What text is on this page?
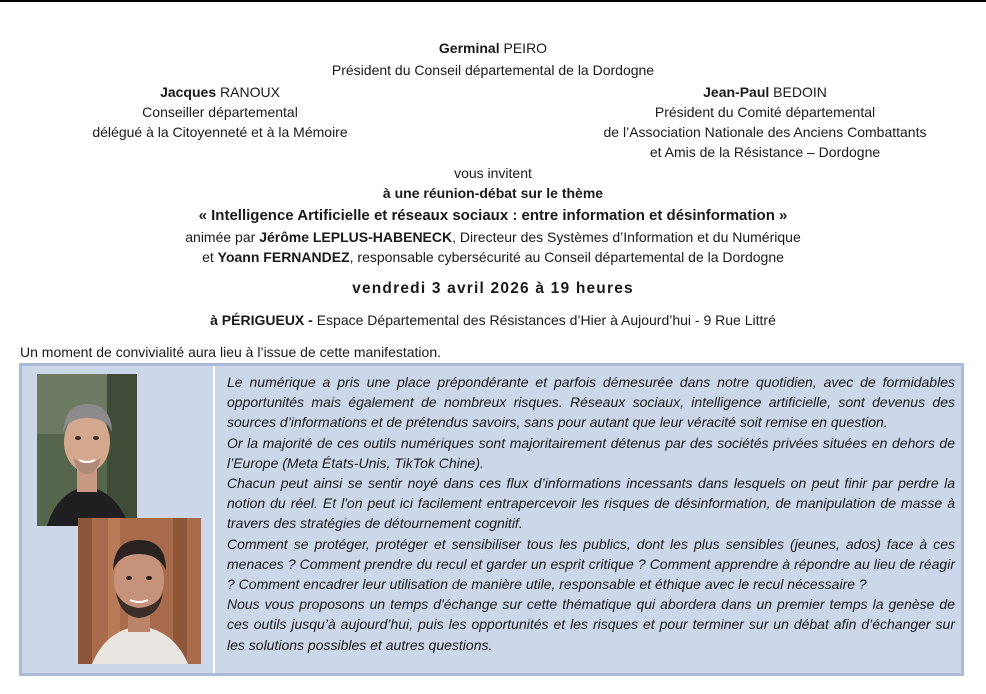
Germinal PEIRO
Président du Conseil départemental de la Dordogne
Jacques RANOUX
Conseiller départemental
délégué à la Citoyenneté et à la Mémoire
Jean-Paul BEDOIN
Président du Comité départemental
de l’Association Nationale des Anciens Combattants
et Amis de la Résistance – Dordogne
vous invitent
à une réunion-débat sur le thème
« Intelligence Artificielle et réseaux sociaux : entre information et désinformation »
animée par Jérôme LEPLUS-HABENECK, Directeur des Systèmes d’Information et du Numérique
et Yoann FERNANDEZ, responsable cybersécurité au Conseil départemental de la Dordogne
vendredi 3 avril 2026 à 19 heures
à PÉRIGUEUX - Espace Départemental des Résistances d’Hier à Aujourd’hui - 9 Rue Littré
Un moment de convivialité aura lieu à l’issue de cette manifestation.

Le numérique a pris une place prépondérante et parfois démesurée dans notre quotidien, avec de formidables opportunités mais également de nombreux risques. Réseaux sociaux, intelligence artificielle, sont devenus des sources d’informations et de prétendus savoirs, sans pour autant que leur véracité soit remise en question.

Or la majorité de ces outils numériques sont majoritairement détenus par des sociétés privées situées en dehors de l’Europe (Meta États-Unis, TikTok Chine).

Chacun peut ainsi se sentir noyé dans ces flux d’informations incessants dans lesquels on peut finir par perdre la notion du réel. Et l'on peut ici facilement entrapercevoir les risques de désinformation, de manipulation de masse à travers des stratégies de détournement cognitif.

Comment se protéger, protéger et sensibiliser tous les publics, dont les plus sensibles (jeunes, ados) face à ces menaces ? Comment prendre du recul et garder un esprit critique ? Comment apprendre à répondre au lieu de réagir ? Comment encadrer leur utilisation de manière utile, responsable et éthique avec le recul nécessaire ?

Nous vous proposons un temps d'échange sur cette thématique qui abordera dans un premier temps la genèse de ces outils jusqu’à aujourd’hui, puis les opportunités et les risques et pour terminer sur un débat afin d’échanger sur les solutions possibles et autres questions.
